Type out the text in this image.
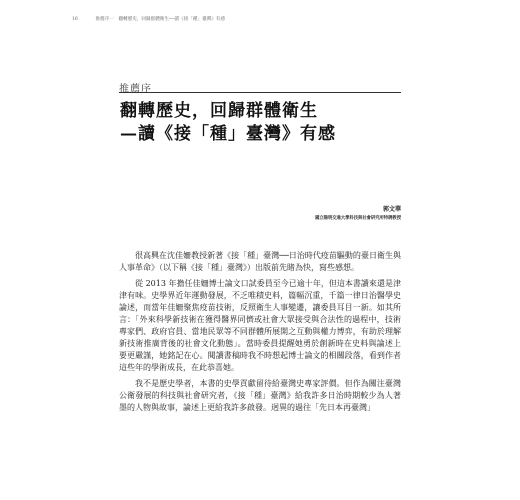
16	推薦序一　翻轉歷史，回歸群體衛生──讀《接「種」臺灣》有感
推薦序
翻轉歷史，回歸群體衛生
—讀《接「種」臺灣》有感
郭文華
國立陽明交通大學科技與社會研究所特聘教授

很高興在沈佳姍教授新著《接「種」臺灣──日治時代疫苗驅動的臺日衛生與人事革命》（以下稱《接「種」臺灣》）出版前先睹為快，寫些感想。

從 2013 年擔任佳姍博士論文口試委員至今已逾十年，但這本書讀來還是津津有味。史學界近年運動發展，不乏唯積史料，篇幅沉重，千篇一律日治醫學史論述，而當年佳姍聚焦疫苗技術，反照衛生人事變遷，讓委員耳目一新。如其所言：「外來科學新技術在獲得醫界同儕或社會大眾接受與合法性的過程中，技術專家們、政府官員、當地民眾等不同群體所展開之互動與權力博弈，有助於理解新技術推廣背後的社會文化動態」。當時委員提醒她勇於創新時在史料與論述上要更嚴謹，她銘記在心。閱讀書稿時我不時想起博士論文的相關段落，看到作者這些年的學術成長，在此恭喜她。

我不是歷史學者，本書的史學貢獻留待給臺灣史專家評價。但作為關注臺灣公衛發展的科技與社會研究者，《接「種」臺灣》給我許多日治時期較少為人著墨的人物與故事，論述上更給我許多啟發。迥異的過往「先日本再臺灣」
